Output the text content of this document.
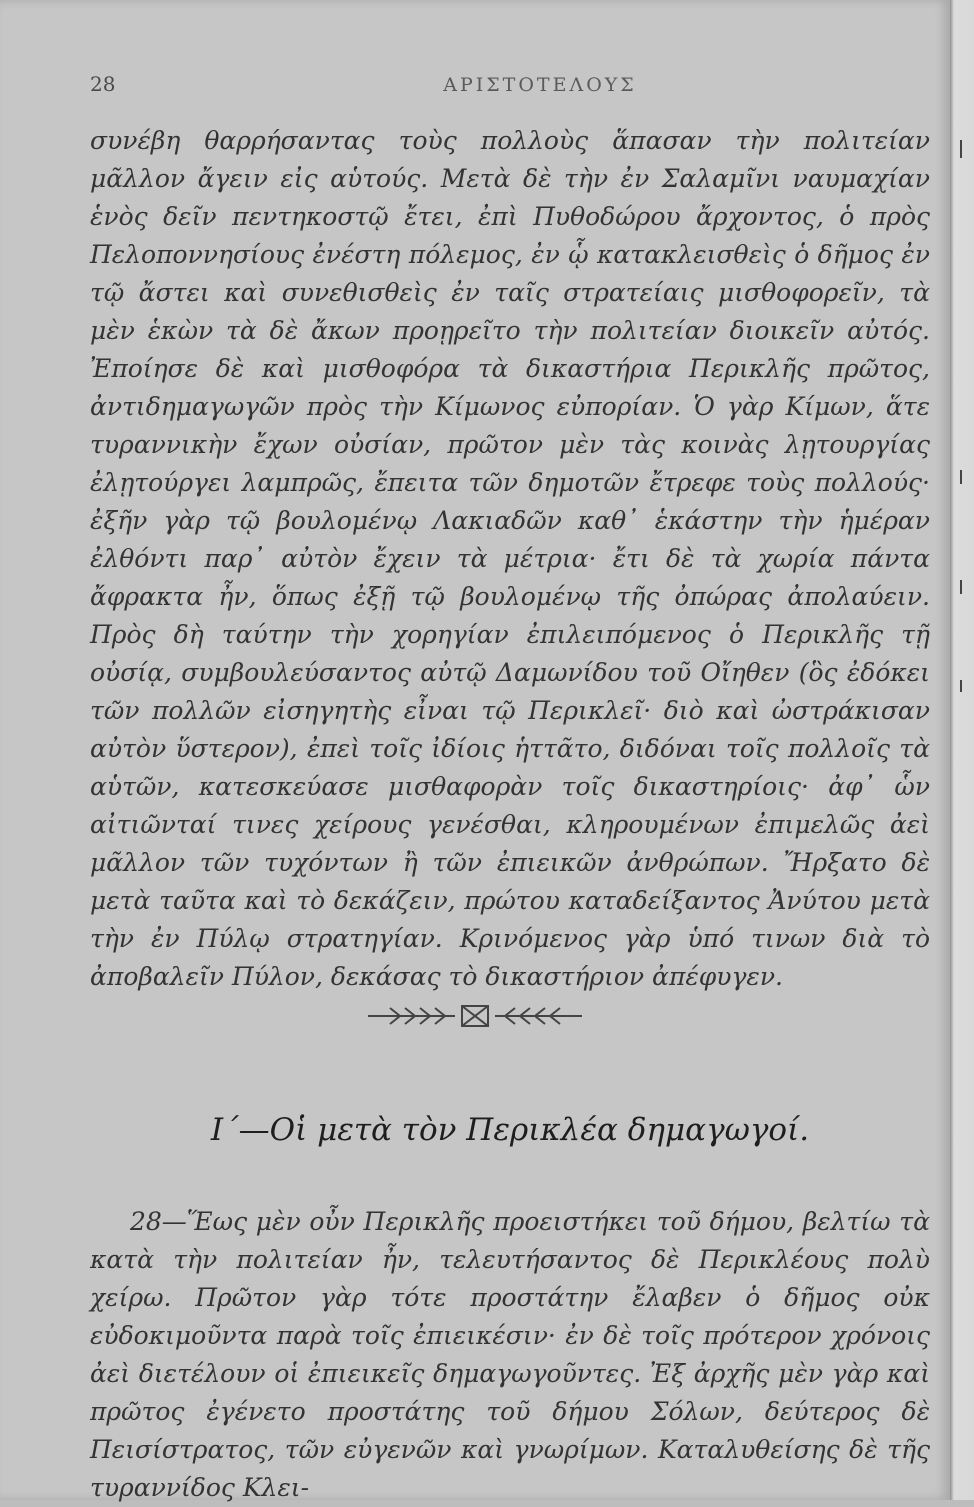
28	ΑΡΙΣΤΟΤΕΛΟΥΣ

συνέβη θαρρήσαντας τοὺς πολλοὺς ἅπασαν τὴν πολιτείαν μᾶλλον ἄγειν εἰς αὑτούς. Μετὰ δὲ τὴν ἐν Σαλαμῖνι ναυμαχίαν ἑνὸς δεῖν πεντηκοστῷ ἔτει, ἐπὶ Πυθοδώρου ἄρχοντος, ὁ πρὸς Πελοποννησίους ἐνέστη πόλεμος, ἐν ᾧ κατακλεισθεὶς ὁ δῆμος ἐν τῷ ἄστει καὶ συνεθισθεὶς ἐν ταῖς στρατείαις μισθοφορεῖν, τὰ μὲν ἑκὼν τὰ δὲ ἄκων προῃρεῖτο τὴν πολιτείαν διοικεῖν αὐτός. Ἐποίησε δὲ καὶ μισθοφόρα τὰ δικαστήρια Περικλῆς πρῶτος, ἀντιδημαγωγῶν πρὸς τὴν Κίμωνος εὐπορίαν. Ὁ γὰρ Κίμων, ἅτε τυραννικὴν ἔχων οὐσίαν, πρῶτον μὲν τὰς κοινὰς λῃτουργίας ἐλῃτούργει λαμπρῶς, ἔπειτα τῶν δημοτῶν ἔτρεφε τοὺς πολλούς· ἐξῆν γὰρ τῷ βουλομένῳ Λακιαδῶν καθ᾽ ἑκάστην τὴν ἡμέραν ἐλθόντι παρ᾽ αὐτὸν ἔχειν τὰ μέτρια· ἔτι δὲ τὰ χωρία πάντα ἄφρακτα ἦν, ὅπως ἐξῇ τῷ βουλομένῳ τῆς ὀπώρας ἀπολαύειν. Πρὸς δὴ ταύτην τὴν χορηγίαν ἐπιλειπόμενος ὁ Περικλῆς τῇ οὐσίᾳ, συμβουλεύσαντος αὐτῷ Δαμωνίδου τοῦ Οἴηθεν (ὃς ἐδόκει τῶν πολλῶν εἰσηγητὴς εἶναι τῷ Περικλεῖ· διὸ καὶ ὠστράκισαν αὐτὸν ὕστερον), ἐπεὶ τοῖς ἰδίοις ἡττᾶτο, διδόναι τοῖς πολλοῖς τὰ αὑτῶν, κατεσκεύασε μισθαφορὰν τοῖς δικαστηρίοις· ἀφ᾽ ὧν αἰτιῶνταί τινες χείρους γενέσθαι, κληρουμένων ἐπιμελῶς ἀεὶ μᾶλλον τῶν τυχόντων ἢ τῶν ἐπιεικῶν ἀνθρώπων. Ἤρξατο δὲ μετὰ ταῦτα καὶ τὸ δεκάζειν, πρώτου καταδείξαντος Ἀνύτου μετὰ τὴν ἐν Πύλῳ στρατηγίαν. Κρινόμενος γὰρ ὑπό τινων διὰ τὸ ἀποβαλεῖν Πύλον, δεκάσας τὸ δικαστήριον ἀπέφυγεν.

Ι΄—Οἱ μετὰ τὸν Περικλέα δημαγωγοί.

28—Ἕως μὲν οὖν Περικλῆς προειστήκει τοῦ δήμου, βελτίω τὰ κατὰ τὴν πολιτείαν ἦν, τελευτήσαντος δὲ Περικλέους πολὺ χείρω. Πρῶτον γὰρ τότε προστάτην ἔλαβεν ὁ δῆμος οὐκ εὐδοκιμοῦντα παρὰ τοῖς ἐπιεικέσιν· ἐν δὲ τοῖς πρότερον χρόνοις ἀεὶ διετέλουν οἱ ἐπιεικεῖς δημαγωγοῦντες. Ἐξ ἀρχῆς μὲν γὰρ καὶ πρῶτος ἐγένετο προστάτης τοῦ δήμου Σόλων, δεύτερος δὲ Πεισίστρατος, τῶν εὐγενῶν καὶ γνωρίμων. Καταλυθείσης δὲ τῆς τυραννίδος Κλει-
